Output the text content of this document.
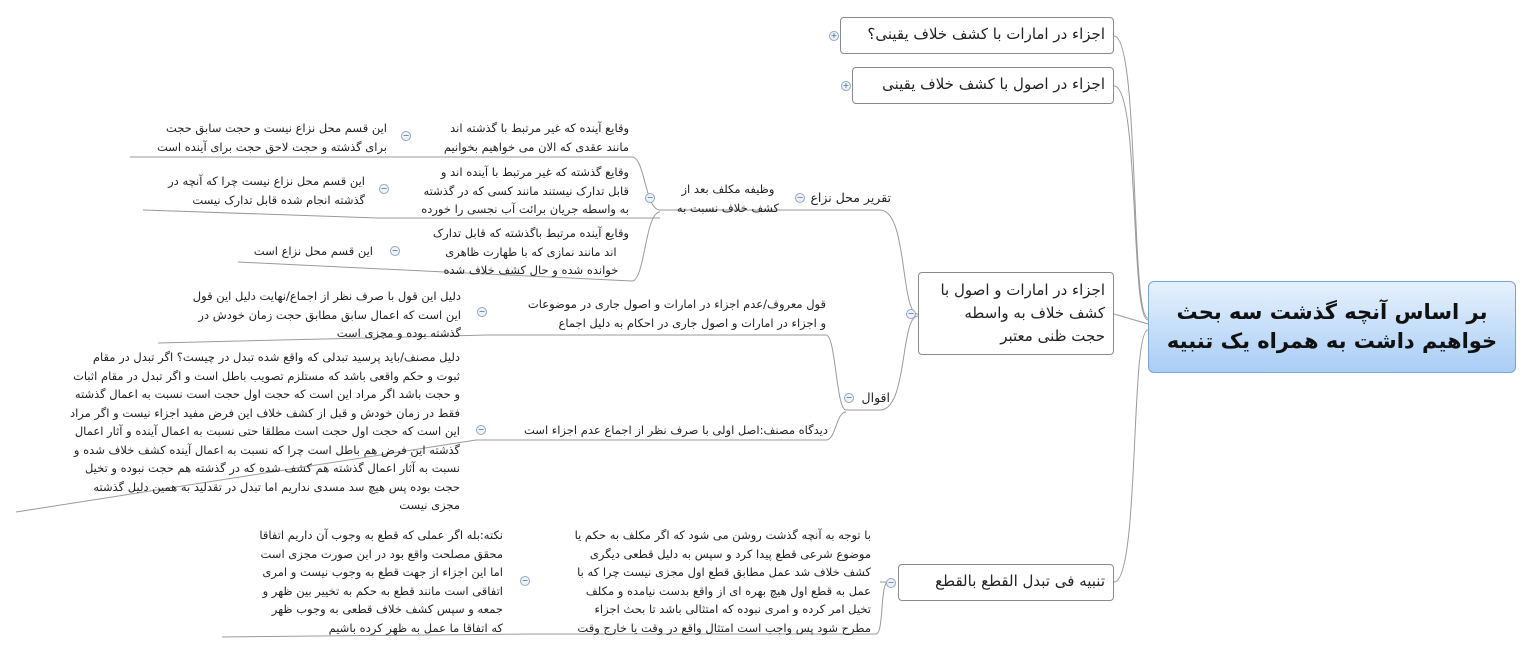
بر اساس آنچه گذشت سه بحث
خواهیم داشت به همراه یک تنبیه
اجزاء در امارات با کشف خلاف یقینی؟
+
اجزاء در اصول با کشف خلاف یقینی
+
اجزاء در امارات و اصول با
کشف خلاف به واسطه
حجت ظنی معتبر
−
تنبیه فی تبدل القطع بالقطع
−
تقریر محل نزاع
−
وظیفه مکلف بعد از
کشف خلاف نسبت به
−
وقایع آینده که غیر مرتبط با گذشته اند
مانند عقدی که الان می خواهیم بخوانیم
−
این قسم محل نزاع نیست و حجت سابق حجت
برای گذشته و حجت لاحق حجت برای آینده است
وقایع گذشته که غیر مرتبط با آینده اند و
قابل تدارک نیستند مانند کسی که در گذشته
به واسطه جریان برائت آب نجسی را خورده
−
این قسم محل نزاع نیست چرا که آنچه در
گذشته انجام شده قابل تدارک نیست
وقایع آینده مرتبط باگذشته که قابل تدارک
اند مانند نمازی که با طهارت ظاهری
خوانده شده و حال کشف خلاف شده
−
این قسم محل نزاع است
اقوال
−
قول معروف/عدم اجزاء در امارات و اصول جاری در موضوعات
و اجزاء در امارات و اصول جاری در احکام به دلیل اجماع
−
دلیل این قول با صرف نظر از اجماع/نهایت دلیل این قول
این است که اعمال سابق مطابق حجت زمان خودش در
گذشته بوده و مجزی است
دیدگاه مصنف:اصل اولی با صرف نظر از اجماع عدم اجزاء است
−
دلیل مصنف/باید پرسید تبدلی که واقع شده تبدل در چیست؟ اگر تبدل در مقام
ثبوت و حکم واقعی باشد که مستلزم تصویب باطل است و اگر تبدل در مقام اثبات
و حجت باشد اگر مراد این است که حجت اول حجت است نسبت به اعمال گذشته
فقط در زمان خودش و قبل از کشف خلاف این فرض مفید اجزاء نیست و اگر مراد
این است که حجت اول حجت است مطلقا حتی نسبت به اعمال آینده و آثار اعمال
گذشته این فرض هم باطل است چرا که نسبت به اعمال آینده کشف خلاف شده و
نسبت به آثار اعمال گذشته هم کشف شده که در گذشته هم حجت نبوده و تخیل
حجت بوده پس هیچ سد مسدی نداریم اما تبدل در تقدلید به همین دلیل گذشته
مجزی نیست
با توجه به آنچه گذشت روشن می شود که اگر مکلف به حکم یا
موضوع شرعی قطع پیدا کرد و سپس به دلیل قطعی دیگری
کشف خلاف شد عمل مطابق قطع اول مجزی نیست چرا که با
عمل به قطع اول هیچ بهره ای از واقع بدست نیامده و مکلف
تخیل امر کرده و امری نبوده که امتثالی باشد تا بحث اجزاء
مطرح شود پس واجب است امتثال واقع در وقت یا خارج وقت
−
نکته:بله اگر عملی که قطع به وجوب آن داریم اتفاقا
محقق مصلحت واقع بود در این صورت مجزی است
اما این اجزاء از جهت قطع به وجوب نیست و امری
اتفاقی است مانند قطع به حکم به تخییر بین ظهر و
جمعه و سپس کشف خلاف قطعی به وجوب ظهر
که اتفاقا ما عمل به ظهر کرده باشیم
